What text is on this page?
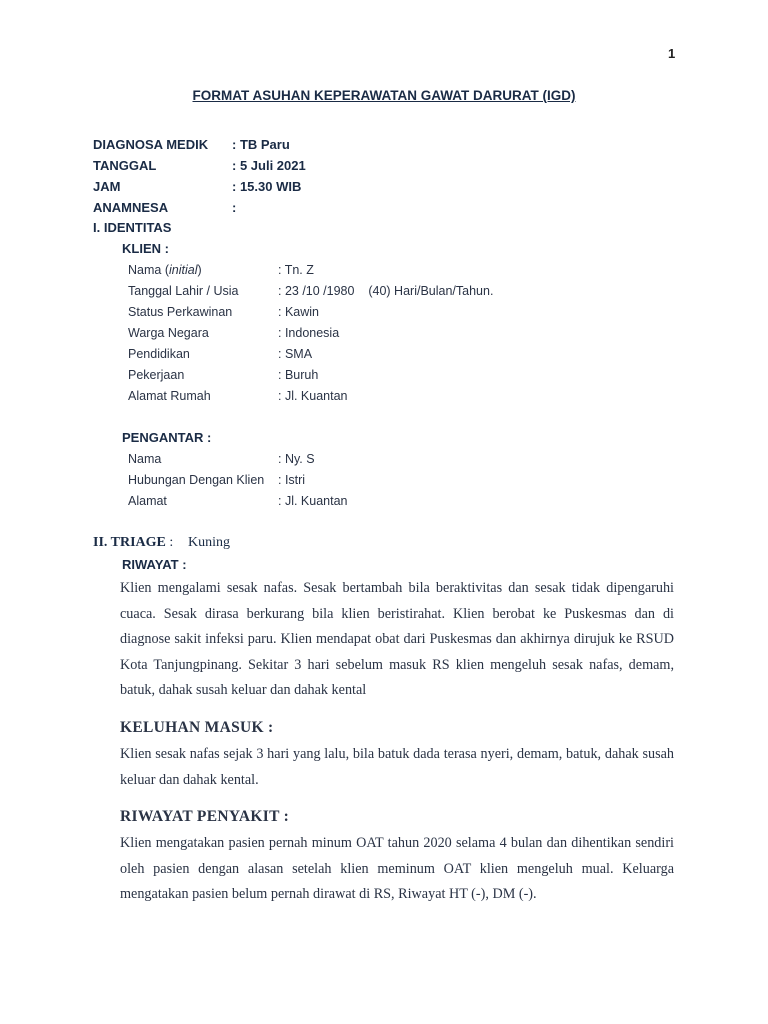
1
FORMAT ASUHAN KEPERAWATAN GAWAT DARURAT (IGD)
DIAGNOSA MEDIK : TB Paru
TANGGAL	: 5 Juli 2021
JAM	: 15.30 WIB
ANAMNESA	:
I. IDENTITAS
KLIEN :
Nama (initial)	: Tn. Z
Tanggal Lahir / Usia	: 23 /10 /1980    (40) Hari/Bulan/Tahun.
Status Perkawinan	: Kawin
Warga Negara	: Indonesia
Pendidikan	: SMA
Pekerjaan	: Buruh
Alamat Rumah	: Jl. Kuantan
PENGANTAR :
Nama	: Ny. S
Hubungan Dengan Klien : Istri
Alamat	: Jl. Kuantan
II. TRIAGE : Kuning
RIWAYAT :
Klien mengalami sesak nafas. Sesak bertambah bila beraktivitas dan sesak tidak dipengaruhi cuaca. Sesak dirasa berkurang bila klien beristirahat. Klien berobat ke Puskesmas dan di diagnose sakit infeksi paru. Klien mendapat obat dari Puskesmas dan akhirnya dirujuk ke RSUD Kota Tanjungpinang. Sekitar 3 hari sebelum masuk RS klien mengeluh sesak nafas, demam, batuk, dahak susah keluar dan dahak kental
KELUHAN MASUK :
Klien sesak nafas sejak 3 hari yang lalu, bila batuk dada terasa nyeri, demam, batuk, dahak susah keluar dan dahak kental.
RIWAYAT PENYAKIT :
Klien mengatakan pasien pernah minum OAT tahun 2020 selama 4 bulan dan dihentikan sendiri oleh pasien dengan alasan setelah klien meminum OAT klien mengeluh mual. Keluarga mengatakan pasien belum pernah dirawat di RS, Riwayat HT (-), DM (-).
